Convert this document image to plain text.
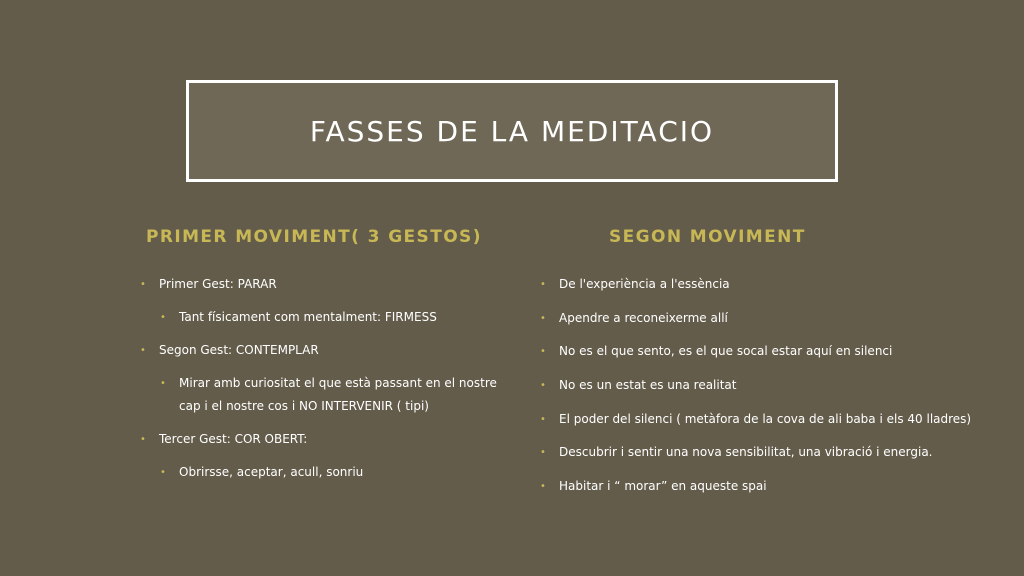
FASSES DE LA MEDITACIO
PRIMER MOVIMENT( 3 GESTOS)	SEGON MOVIMENT
• Primer Gest: PARAR
• Tant físicament com mentalment: FIRMESS
• Segon Gest: CONTEMPLAR
• Mirar amb curiositat el que està passant en el nostre cap i el nostre cos i NO INTERVENIR ( tipi)
• Tercer Gest: COR OBERT:
• Obrirsse, aceptar, acull, sonriu
• De l'experiència a l'essència
• Apendre a reconeixerme allí
• No es el que sento, es el que socal estar aquí en silenci
• No es un estat es una realitat
• El poder del silenci ( metàfora de la cova de ali baba i els 40 lladres)
• Descubrir i sentir una nova sensibilitat, una vibració i energia.
• Habitar i “ morar” en aqueste spai
